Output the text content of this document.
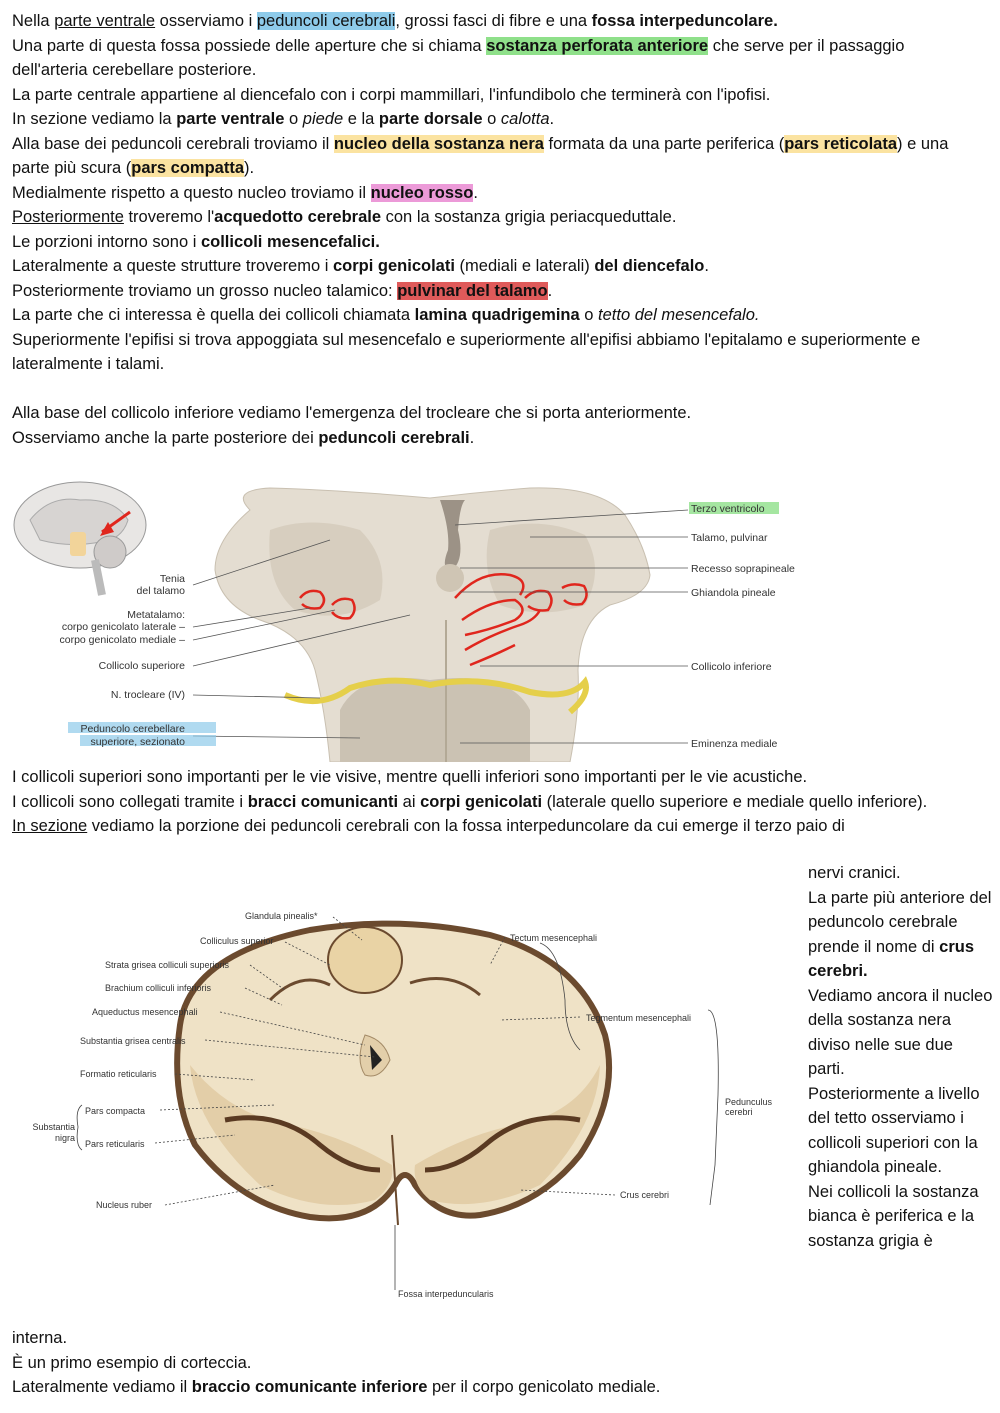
Nella parte ventrale osserviamo i peduncoli cerebrali, grossi fasci di fibre e una fossa interpeduncolare.
Una parte di questa fossa possiede delle aperture che si chiama sostanza perforata anteriore che serve per il passaggio dell'arteria cerebellare posteriore.
La parte centrale appartiene al diencefalo con i corpi mammillari, l'infundibolo che terminerà con l'ipofisi.
In sezione vediamo la parte ventrale o piede e la parte dorsale o calotta.
Alla base dei peduncoli cerebrali troviamo il nucleo della sostanza nera formata da una parte periferica (pars reticolata) e una parte più scura (pars compatta).
Medialmente rispetto a questo nucleo troviamo il nucleo rosso.
Posteriormente troveremo l'acquedotto cerebrale con la sostanza grigia periacqueduttale.
Le porzioni intorno sono i collicoli mesencefalici.
Lateralmente a queste strutture troveremo i corpi genicolati (mediali e laterali) del diencefalo.
Posteriormente troviamo un grosso nucleo talamico: pulvinar del talamo.
La parte che ci interessa è quella dei collicoli chiamata lamina quadrigemina o tetto del mesencefalo.
Superiormente l'epifisi si trova appoggiata sul mesencefalo e superiormente all'epifisi abbiamo l'epitalamo e superiormente e lateralmente i talami.
Alla base del collicolo inferiore vediamo l'emergenza del trocleare che si porta anteriormente.
Osserviamo anche la parte posteriore dei peduncoli cerebrali.
Tenia
del talamo
Metatalamo:
corpo genicolato laterale –
corpo genicolato mediale –
Collicolo superiore
N. trocleare (IV)
Peduncolo cerebellare
superiore, sezionato
Terzo ventricolo
Talamo, pulvinar
Recesso soprapineale
Ghiandola pineale
Collicolo inferiore
Eminenza mediale
I collicoli superiori sono importanti per le vie visive, mentre quelli inferiori sono importanti per le vie acustiche.
I collicoli sono collegati tramite i bracci comunicanti ai corpi genicolati (laterale quello superiore e mediale quello inferiore).
In sezione vediamo la porzione dei peduncoli cerebrali con la fossa interpeduncolare da cui emerge il terzo paio di
nervi cranici.
La parte più anteriore del peduncolo cerebrale prende il nome di crus cerebri.
Vediamo ancora il nucleo della sostanza nera diviso nelle sue due parti.
Posteriormente a livello del tetto osserviamo i collicoli superiori con la ghiandola pineale.
Nei collicoli la sostanza bianca è periferica e la sostanza grigia è
Glandula pinealis*
Colliculus superior
Strata grisea colliculi superioris
Brachium colliculi inferioris
Aqueductus mesencephali
Substantia grisea centralis
Formatio reticularis
Pars compacta
Pars reticularis
Substantia
nigra
Nucleus ruber
Fossa interpeduncularis
Tectum mesencephali
Tegmentum mesencephali
Pedunculus
cerebri
Crus cerebri
interna.
È un primo esempio di corteccia.
Lateralmente vediamo il braccio comunicante inferiore per il corpo genicolato mediale.
